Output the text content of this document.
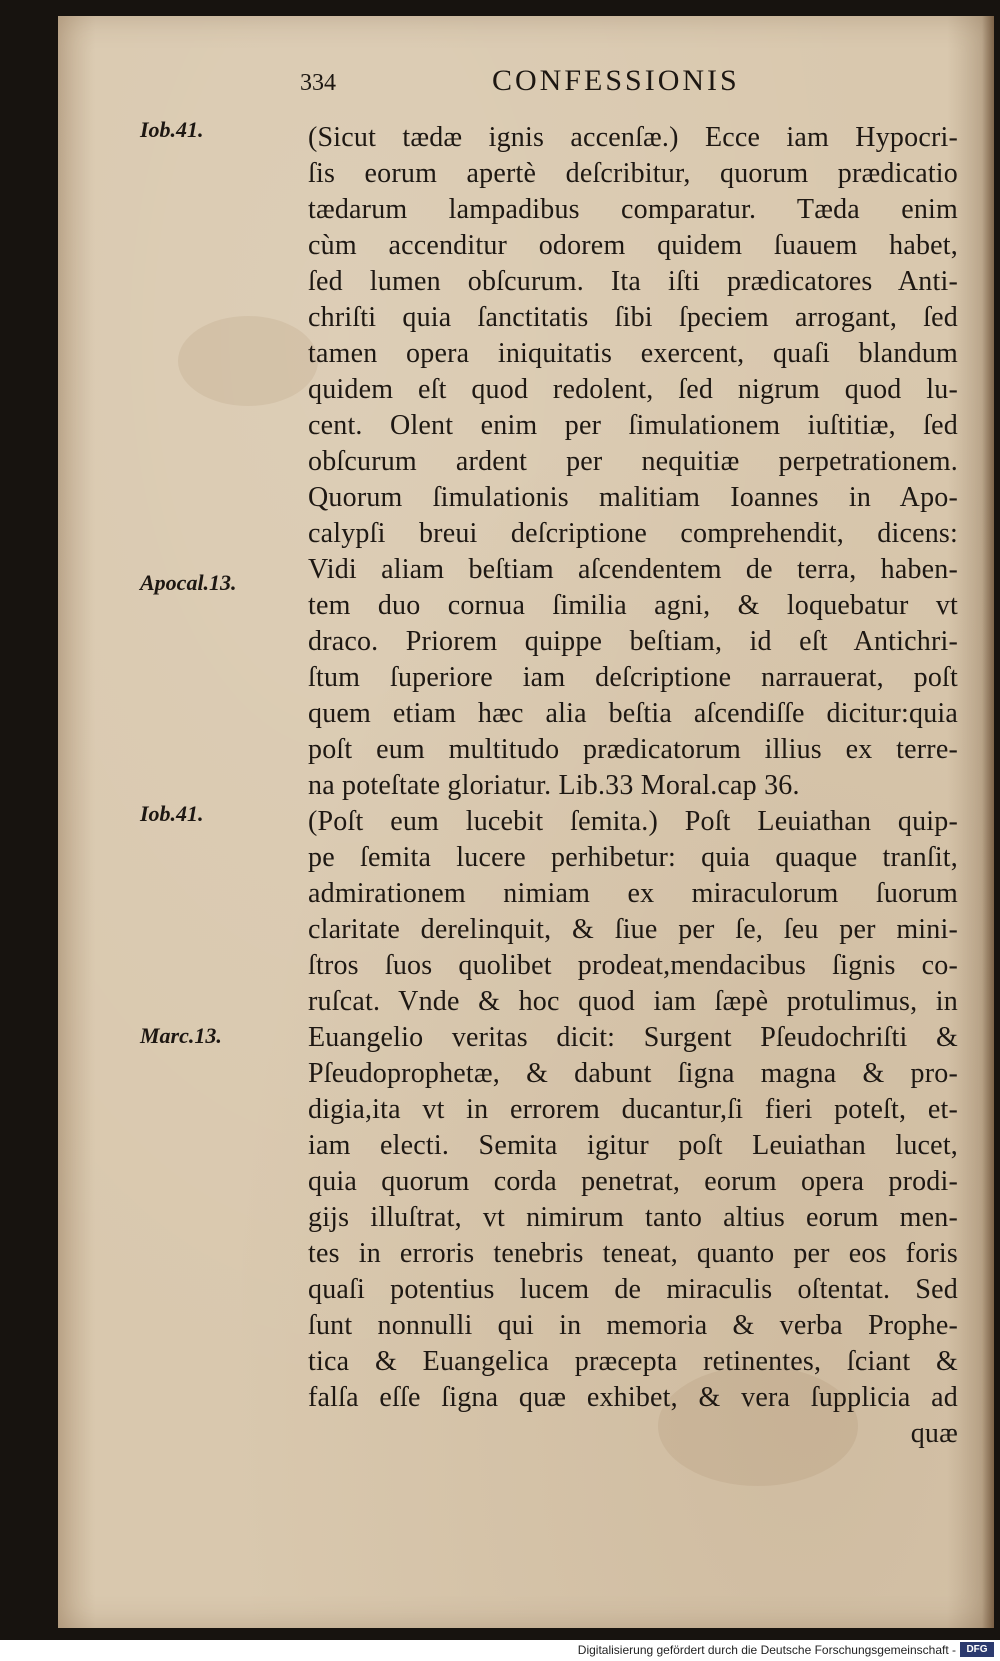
334	CONFESSIONIS
Iob.41.
Apocal.13.
Iob.41.
Marc.13.
(Sicut tædæ ignis accenſæ.) Ecce iam Hypocri-
ſis eorum apertè deſcribitur, quorum prædicatio
tædarum lampadibus comparatur. Tæda enim
cùm accenditur odorem quidem ſuauem habet,
ſed lumen obſcurum. Ita iſti prædicatores Anti-
chriſti quia ſanctitatis ſibi ſpeciem arrogant, ſed
tamen opera iniquitatis exercent, quaſi blandum
quidem eſt quod redolent, ſed nigrum quod lu-
cent. Olent enim per ſimulationem iuſtitiæ, ſed
obſcurum ardent per nequitiæ perpetrationem.
Quorum ſimulationis malitiam Ioannes in Apo-
calypſi breui deſcriptione comprehendit, dicens:
Vidi aliam beſtiam aſcendentem de terra, haben-
tem duo cornua ſimilia agni, & loquebatur vt
draco. Priorem quippe beſtiam, id eſt Antichri-
ſtum ſuperiore iam deſcriptione narrauerat, poſt
quem etiam hæc alia beſtia aſcendiſſe dicitur:quia
poſt eum multitudo prædicatorum illius ex terre-
na poteſtate gloriatur. Lib.33 Moral.cap 36.
(Poſt eum lucebit ſemita.) Poſt Leuiathan quip-
pe ſemita lucere perhibetur: quia quaque tranſit,
admirationem nimiam ex miraculorum ſuorum
claritate derelinquit, & ſiue per ſe, ſeu per mini-
ſtros ſuos quolibet prodeat,mendacibus ſignis co-
ruſcat. Vnde & hoc quod iam ſæpè protulimus, in
Euangelio veritas dicit: Surgent Pſeudochriſti &
Pſeudoprophetæ, & dabunt ſigna magna & pro-
digia,ita vt in errorem ducantur,ſi fieri poteſt, et-
iam electi. Semita igitur poſt Leuiathan lucet,
quia quorum corda penetrat, eorum opera prodi-
gijs illuſtrat, vt nimirum tanto altius eorum men-
tes in erroris tenebris teneat, quanto per eos foris
quaſi potentius lucem de miraculis oſtentat. Sed
ſunt nonnulli qui in memoria & verba Prophe-
tica & Euangelica præcepta retinentes, ſciant &
falſa eſſe ſigna quæ exhibet, & vera ſupplicia ad
quæ
Digitalisierung gefördert durch die Deutsche Forschungsgemeinschaft -	DFG
